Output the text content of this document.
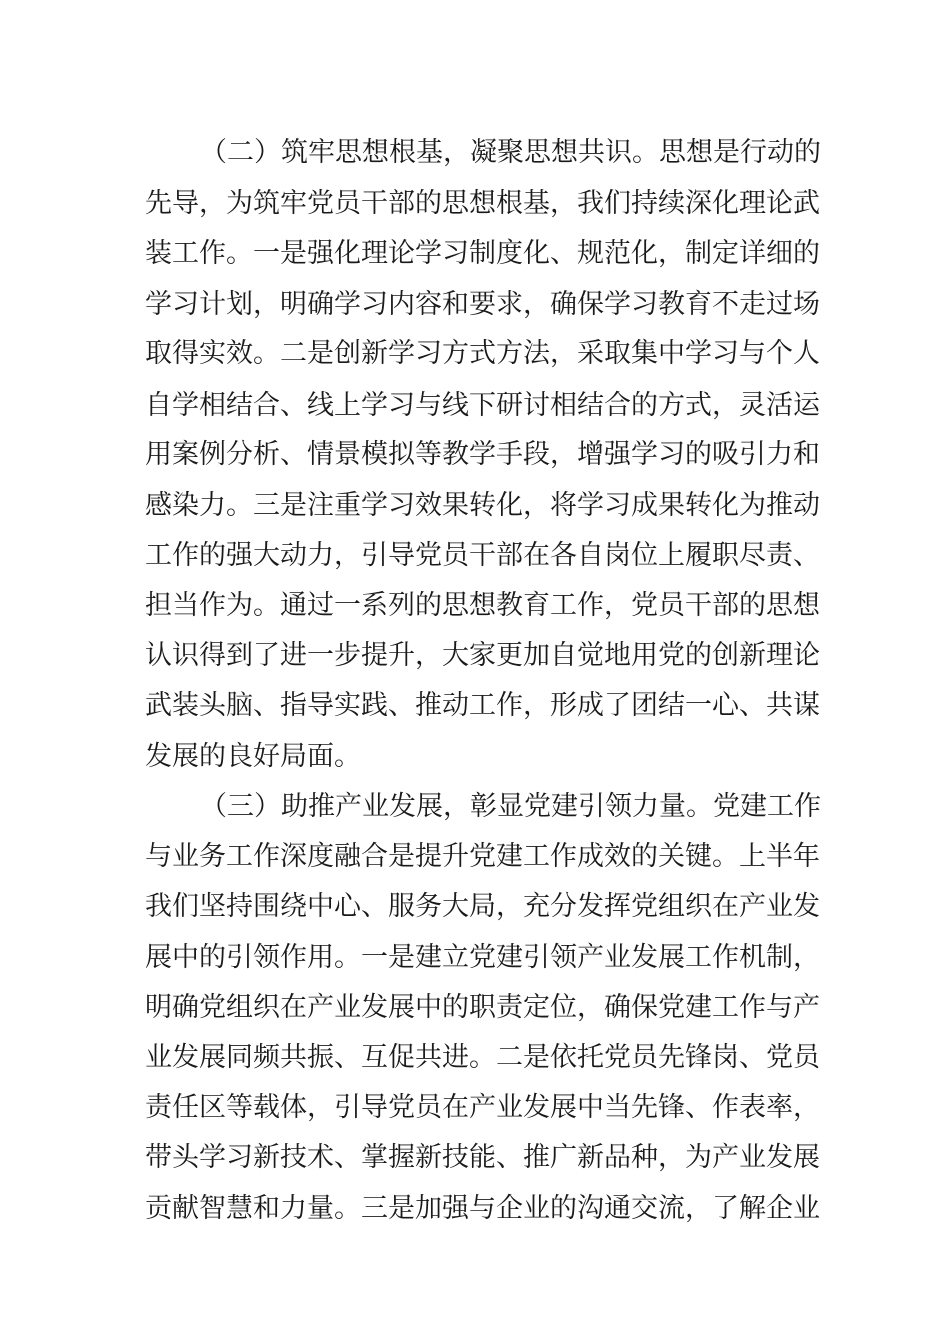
（二）筑牢思想根基，凝聚思想共识。思想是行动的
先导，为筑牢党员干部的思想根基，我们持续深化理论武
装工作。一是强化理论学习制度化、规范化，制定详细的
学习计划，明确学习内容和要求，确保学习教育不走过场
取得实效。二是创新学习方式方法，采取集中学习与个人
自学相结合、线上学习与线下研讨相结合的方式，灵活运
用案例分析、情景模拟等教学手段，增强学习的吸引力和
感染力。三是注重学习效果转化，将学习成果转化为推动
工作的强大动力，引导党员干部在各自岗位上履职尽责、
担当作为。通过一系列的思想教育工作，党员干部的思想
认识得到了进一步提升，大家更加自觉地用党的创新理论
武装头脑、指导实践、推动工作，形成了团结一心、共谋
发展的良好局面。
（三）助推产业发展，彰显党建引领力量。党建工作
与业务工作深度融合是提升党建工作成效的关键。上半年
我们坚持围绕中心、服务大局，充分发挥党组织在产业发
展中的引领作用。一是建立党建引领产业发展工作机制，
明确党组织在产业发展中的职责定位，确保党建工作与产
业发展同频共振、互促共进。二是依托党员先锋岗、党员
责任区等载体，引导党员在产业发展中当先锋、作表率，
带头学习新技术、掌握新技能、推广新品种，为产业发展
贡献智慧和力量。三是加强与企业的沟通交流，了解企业
